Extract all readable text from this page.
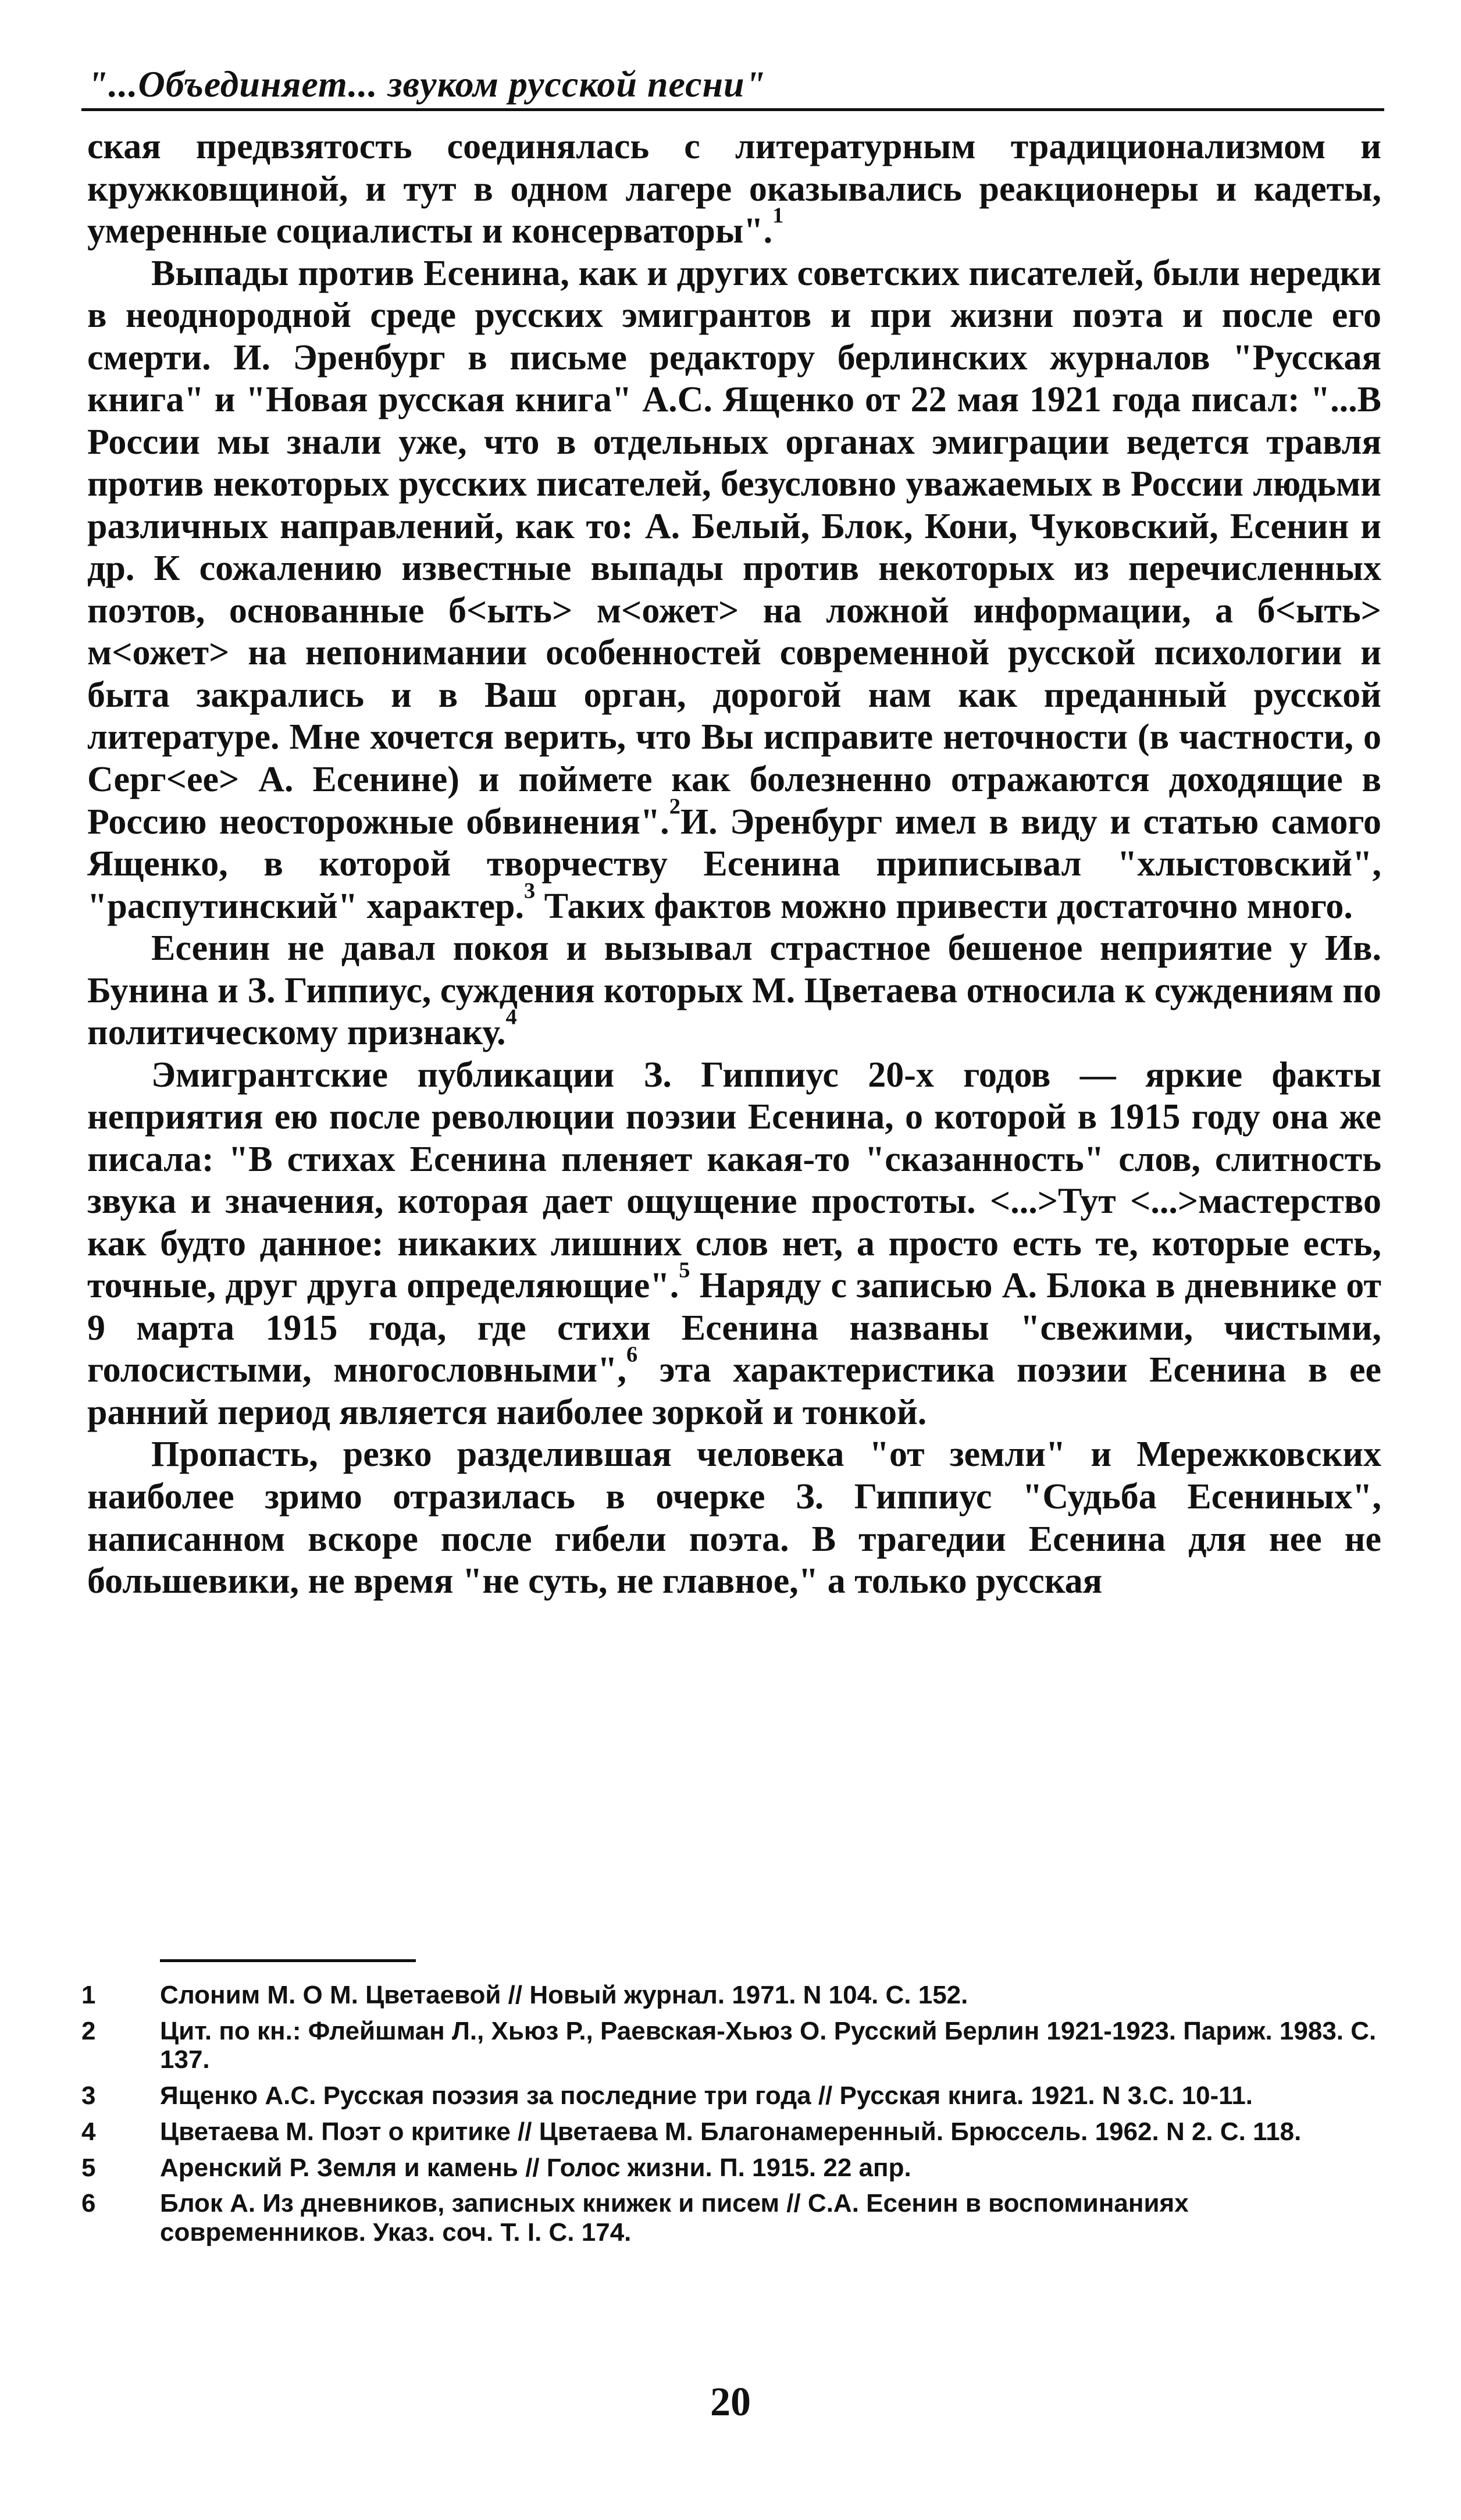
"...Объединяет... звуком русской песни"

ская предвзятость соединялась с литературным традиционализмом и кружковщиной, и тут в одном лагере оказывались реакционеры и кадеты, умеренные социалисты и консерваторы".$^1$

Выпады против Есенина, как и других советских писателей, были нередки в неоднородной среде русских эмигрантов и при жизни поэта и после его смерти. И. Эренбург в письме редактору берлинских журналов "Русская книга" и "Новая русская книга" А.С. Ященко от 22 мая 1921 года писал: "...В России мы знали уже, что в отдельных органах эмиграции ведется травля против некоторых русских писателей, безусловно уважаемых в России людьми различных направлений, как то: А. Белый, Блок, Кони, Чуковский, Есенин и др. К сожалению известные выпады против некоторых из перечисленных поэтов, основанные б<ыть> м<ожет> на ложной информации, а б<ыть> м<ожет> на непонимании особенностей современной русской психологии и быта закрались и в Ваш орган, дорогой нам как преданный русской литературе. Мне хочется верить, что Вы исправите неточности (в частности, о Серг<ее> А. Есенине) и поймете как болезненно отражаются доходящие в Россию неосторожные обвинения".$^2$И. Эренбург имел в виду и статью самого Ященко, в которой творчеству Есенина приписывал "хлыстовский", "распутинский" характер.$^3$ Таких фактов можно привести достаточно много.

Есенин не давал покоя и вызывал страстное бешеное неприятие у Ив. Бунина и З. Гиппиус, суждения которых М. Цветаева относила к суждениям по политическому признаку.$^4$

Эмигрантские публикации З. Гиппиус 20-х годов — яркие факты неприятия ею после революции поэзии Есенина, о которой в 1915 году она же писала: "В стихах Есенина пленяет какая-то "сказанность" слов, слитность звука и значения, которая дает ощущение простоты. <...>Тут <...>мастерство как будто данное: никаких лишних слов нет, а просто есть те, которые есть, точные, друг друга определяющие".$^5$ Наряду с записью А. Блока в дневнике от 9 марта 1915 года, где стихи Есенина названы "свежими, чистыми, голосистыми, многословными",$^6$ эта характеристика поэзии Есенина в ее ранний период является наиболее зоркой и тонкой.

Пропасть, резко разделившая человека "от земли" и Мережковских наиболее зримо отразилась в очерке З. Гиппиус "Судьба Есениных", написанном вскоре после гибели поэта. В трагедии Есенина для нее не большевики, не время "не суть, не главное," а только русская

1	Слоним М. О М. Цветаевой // Новый журнал. 1971. N 104. С. 152.
2	Цит. по кн.: Флейшман Л., Хьюз Р., Раевская-Хьюз О. Русский Берлин 1921-1923. Париж. 1983. С. 137.
3	Ященко А.С. Русская поэзия за последние три года // Русская книга. 1921. N 3.С. 10-11.
4	Цветаева М. Поэт о критике // Цветаева М. Благонамеренный. Брюссель. 1962. N 2. С. 118.
5	Аренский Р. Земля и камень // Голос жизни. П. 1915. 22 апр.
6	Блок А. Из дневников, записных книжек и писем // С.А. Есенин в воспоминаниях современников. Указ. соч. Т. I. С. 174.
20
